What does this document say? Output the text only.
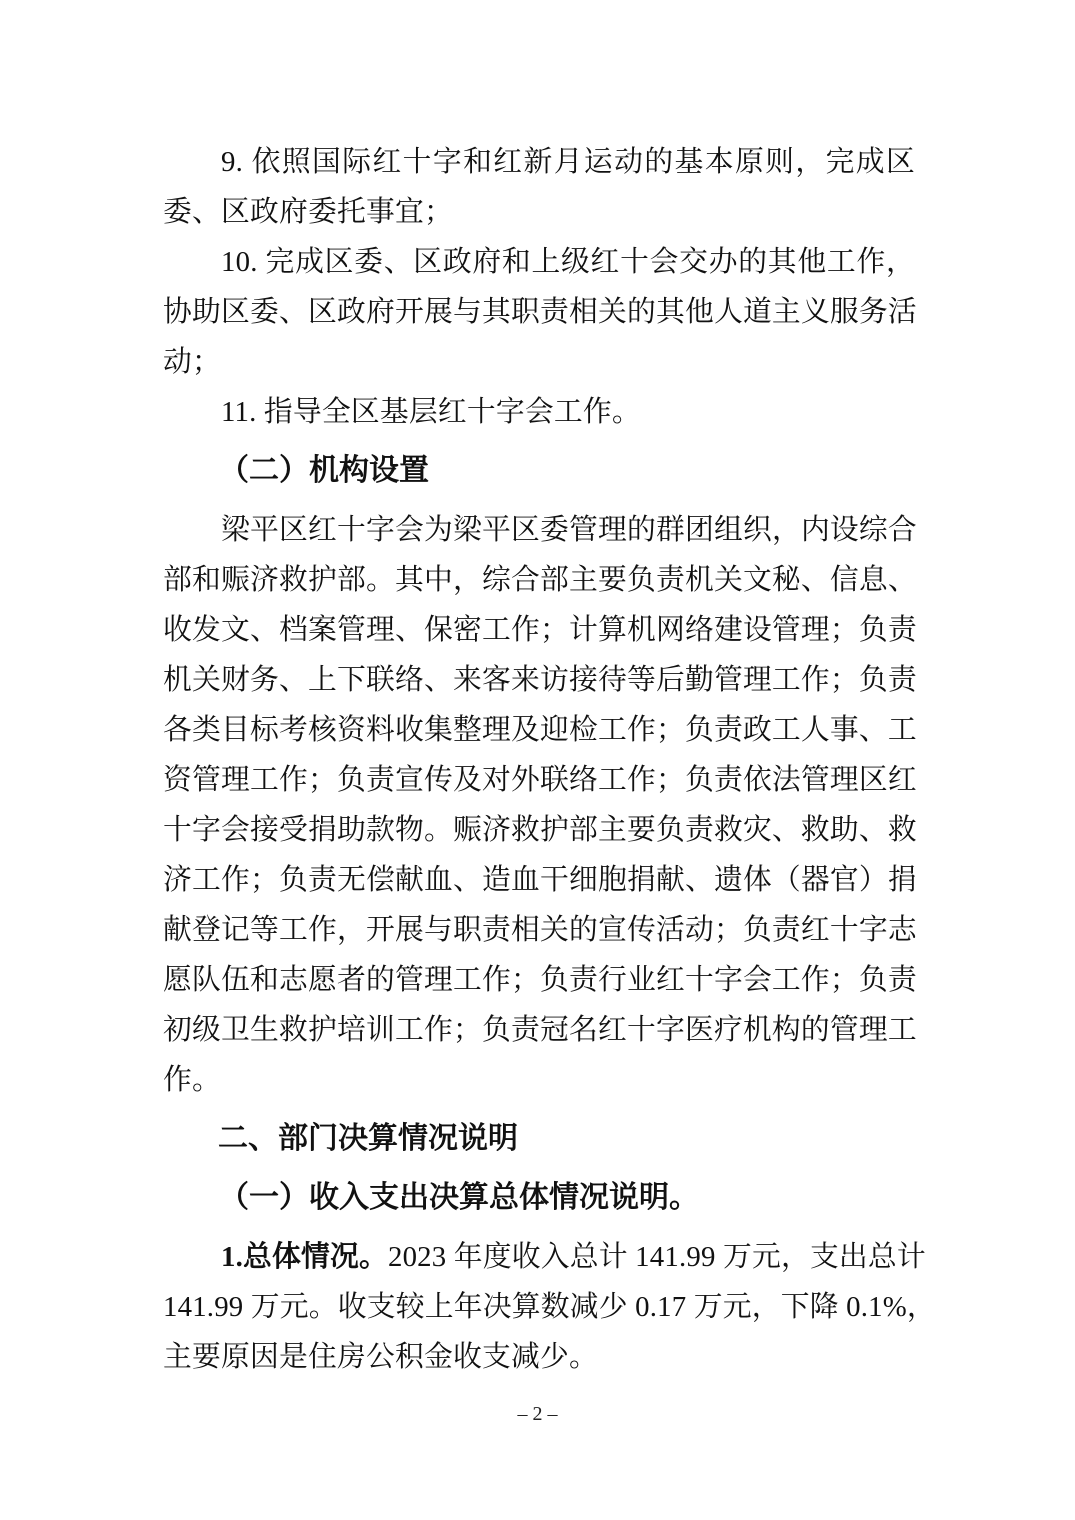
9. 依照国际红十字和红新月运动的基本原则，完成区
委、区政府委托事宜；
10. 完成区委、区政府和上级红十会交办的其他工作，
协助区委、区政府开展与其职责相关的其他人道主义服务活
动；
11. 指导全区基层红十字会工作。
（二）机构设置
梁平区红十字会为梁平区委管理的群团组织，内设综合
部和赈济救护部。其中，综合部主要负责机关文秘、信息、
收发文、档案管理、保密工作；计算机网络建设管理；负责
机关财务、上下联络、来客来访接待等后勤管理工作；负责
各类目标考核资料收集整理及迎检工作；负责政工人事、工
资管理工作；负责宣传及对外联络工作；负责依法管理区红
十字会接受捐助款物。赈济救护部主要负责救灾、救助、救
济工作；负责无偿献血、造血干细胞捐献、遗体（器官）捐
献登记等工作，开展与职责相关的宣传活动；负责红十字志
愿队伍和志愿者的管理工作；负责行业红十字会工作；负责
初级卫生救护培训工作；负责冠名红十字医疗机构的管理工
作。
二、部门决算情况说明
（一）收入支出决算总体情况说明。
1.总体情况。2023 年度收入总计 141.99 万元，支出总计
141.99 万元。收支较上年决算数减少 0.17 万元，下降 0.1%，
主要原因是住房公积金收支减少。
– 2 –
